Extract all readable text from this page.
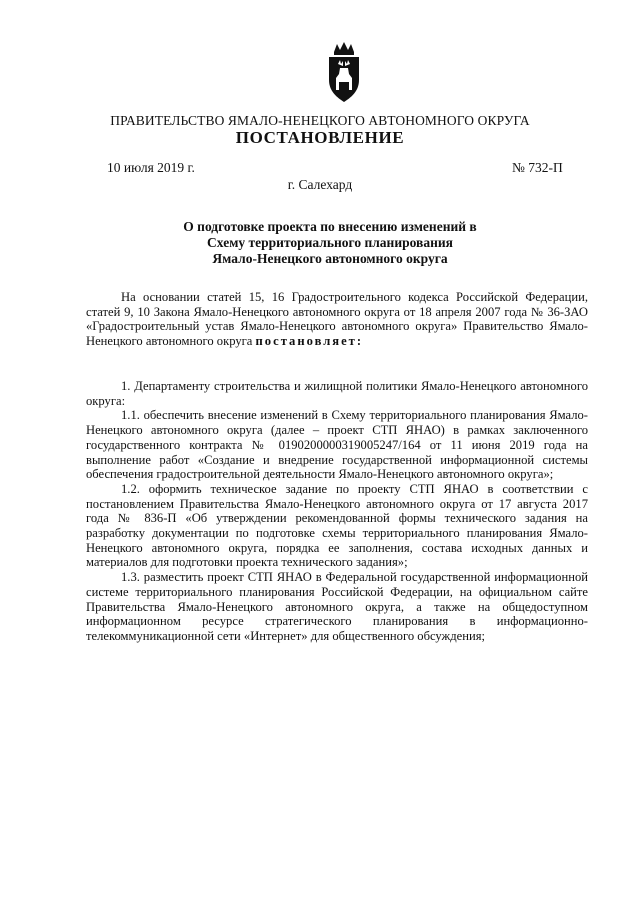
ПРАВИТЕЛЬСТВО ЯМАЛО-НЕНЕЦКОГО АВТОНОМНОГО ОКРУГА
ПОСТАНОВЛЕНИЕ
10 июля 2019 г.	№ 732-П
г. Салехард
О подготовке проекта по внесению изменений в
Схему территориального планирования
Ямало-Ненецкого автономного округа

На основании статей 15, 16 Градостроительного кодекса Российской Федерации, статей 9, 10 Закона Ямало-Ненецкого автономного округа от 18 апреля 2007 года № 36-ЗАО «Градостроительный устав Ямало-Ненецкого автономного округа» Правительство Ямало-Ненецкого автономного округа постановляет:

1. Департаменту строительства и жилищной политики Ямало-Ненецкого автономного округа:

1.1. обеспечить внесение изменений в Схему территориального планирования Ямало-Ненецкого автономного округа (далее – проект СТП ЯНАО) в рамках заключенного государственного контракта № 0190200000319005247/164 от 11 июня 2019 года на выполнение работ «Создание и внедрение государственной информационной системы обеспечения градостроительной деятельности Ямало-Ненецкого автономного округа»;

1.2. оформить техническое задание по проекту СТП ЯНАО в соответствии с постановлением Правительства Ямало-Ненецкого автономного округа от 17 августа 2017 года № 836-П «Об утверждении рекомендованной формы технического задания на разработку документации по подготовке схемы территориального планирования Ямало-Ненецкого автономного округа, порядка ее заполнения, состава исходных данных и материалов для подготовки проекта технического задания»;

1.3. разместить проект СТП ЯНАО в Федеральной государственной информационной системе территориального планирования Российской Федерации, на официальном сайте Правительства Ямало-Ненецкого автономного округа, а также на общедоступном информационном ресурсе стратегического планирования в информационно-телекоммуникационной сети «Интернет» для общественного обсуждения;
